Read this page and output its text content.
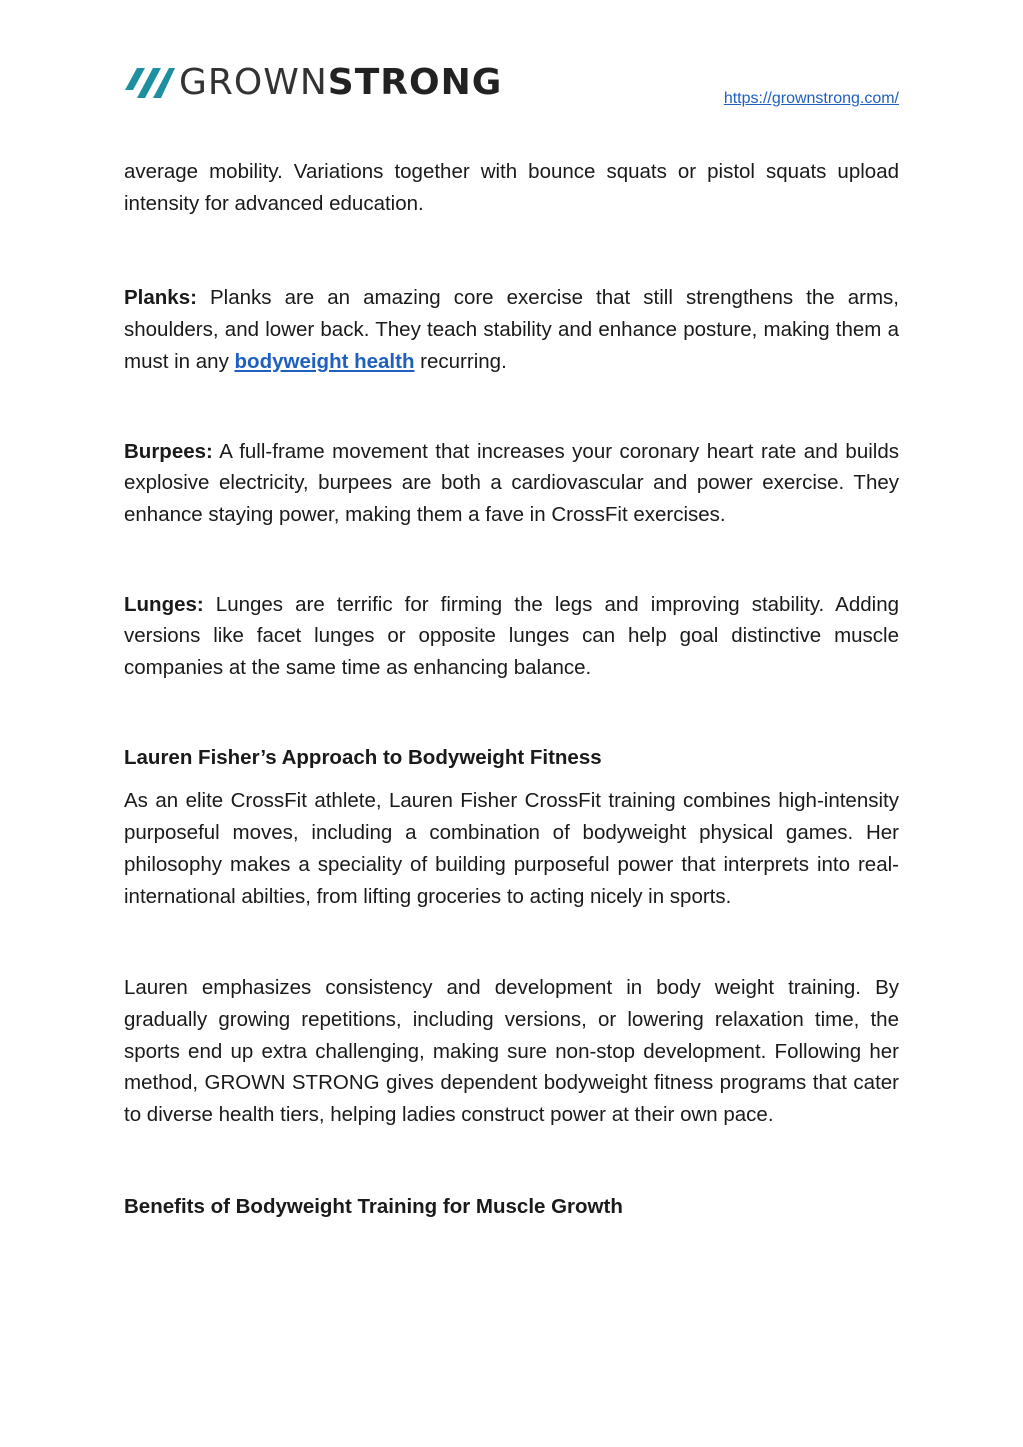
GROWNSTRONG	https://grownstrong.com/

average mobility. Variations together with bounce squats or pistol squats upload intensity for advanced education.

Planks: Planks are an amazing core exercise that still strengthens the arms, shoulders, and lower back. They teach stability and enhance posture, making them a must in any bodyweight health recurring.

Burpees: A full-frame movement that increases your coronary heart rate and builds explosive electricity, burpees are both a cardiovascular and power exercise. They enhance staying power, making them a fave in CrossFit exercises.

Lunges: Lunges are terrific for firming the legs and improving stability. Adding versions like facet lunges or opposite lunges can help goal distinctive muscle companies at the same time as enhancing balance.

Lauren Fisher’s Approach to Bodyweight Fitness

As an elite CrossFit athlete, Lauren Fisher CrossFit training combines high-intensity purposeful moves, including a combination of bodyweight physical games. Her philosophy makes a speciality of building purposeful power that interprets into real-international abilties, from lifting groceries to acting nicely in sports.

Lauren emphasizes consistency and development in body weight training. By gradually growing repetitions, including versions, or lowering relaxation time, the sports end up extra challenging, making sure non-stop development. Following her method, GROWN STRONG gives dependent bodyweight fitness programs that cater to diverse health tiers, helping ladies construct power at their own pace.

Benefits of Bodyweight Training for Muscle Growth
